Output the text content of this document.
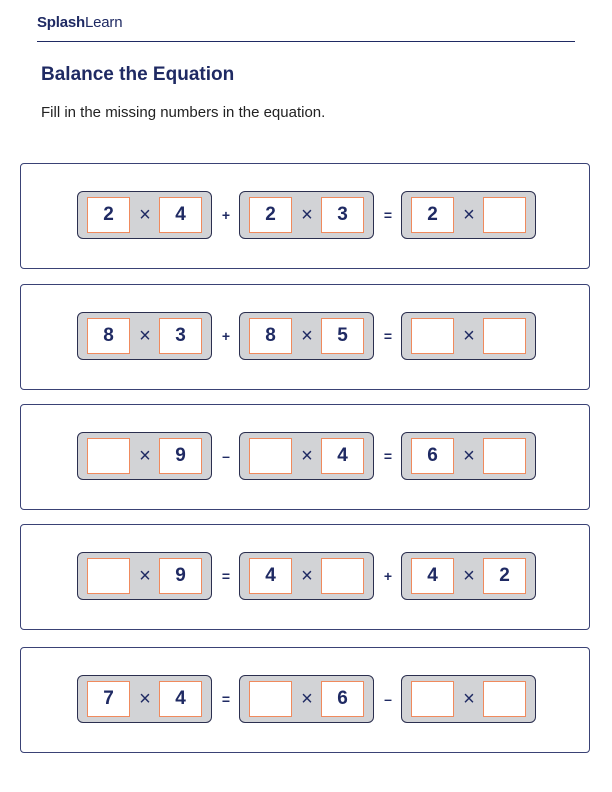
SplashLearn
Balance the Equation
Fill in the missing numbers in the equation.
2	×	4	+	2	×	3	=	2	×
8	×	3	+	8	×	5	=	×
×	9	–	×	4	=	6	×
×	9	=	4	×	+	4	×	2
7	×	4	=	×	6	–	×
